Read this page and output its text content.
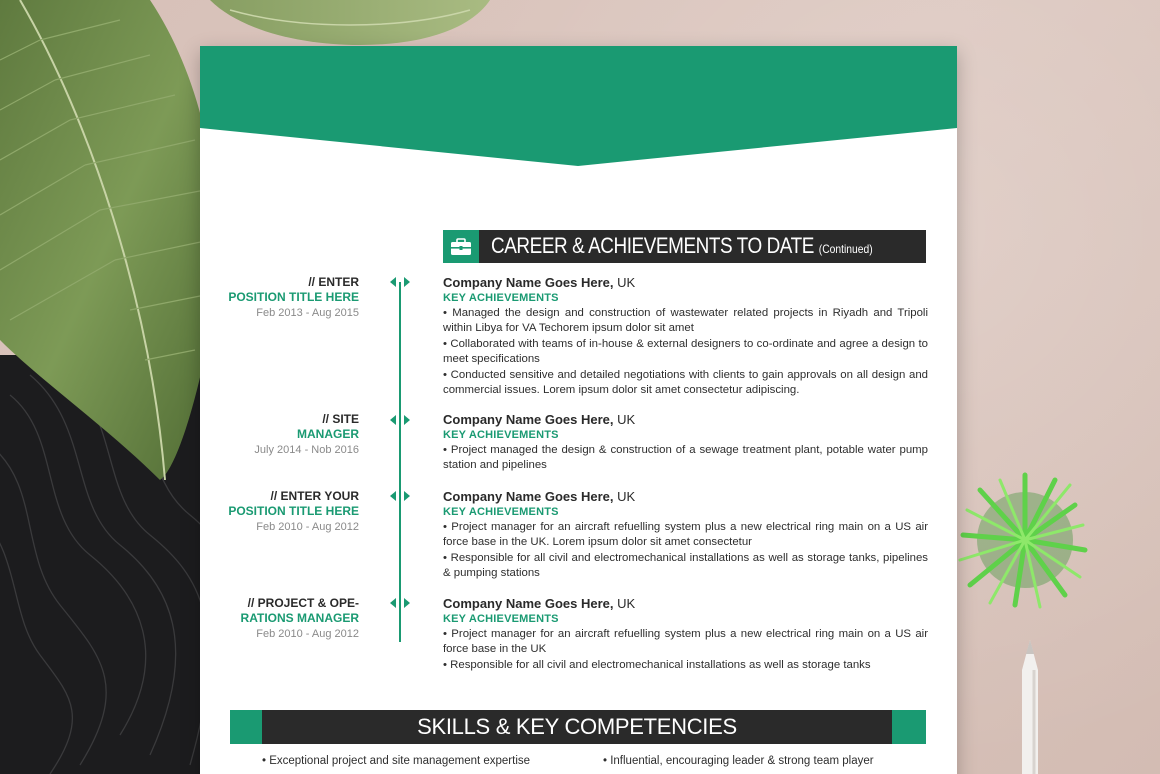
CAREER & ACHIEVEMENTS TO DATE (Continued)
// ENTER
POSITION TITLE HERE
Feb 2013 - Aug 2015
// SITE
MANAGER
July 2014 - Nob 2016
// ENTER YOUR
POSITION TITLE HERE
Feb 2010 - Aug 2012
// PROJECT & OPE-
RATIONS MANAGER
Feb 2010 - Aug 2012
Company Name Goes Here, UK
KEY ACHIEVEMENTS
• Managed the design and construction of wastewater related projects in Riyadh and Tripoli within Libya for VA Techorem ipsum dolor sit amet
• Collaborated with teams of in-house & external designers to co-ordinate and agree a design to meet specifications
• Conducted sensitive and detailed negotiations with clients to gain approvals on all design and commercial issues. Lorem ipsum dolor sit amet consectetur adipiscing.
Company Name Goes Here, UK
KEY ACHIEVEMENTS
• Project managed the design & construction of a sewage treatment plant, potable water pump station and pipelines
Company Name Goes Here, UK
KEY ACHIEVEMENTS
• Project manager for an aircraft refuelling system plus a new electrical ring main on a US air force base in the UK. Lorem ipsum dolor sit amet consectetur
• Responsible for all civil and electromechanical installations as well as storage tanks, pipelines & pumping stations
Company Name Goes Here, UK
KEY ACHIEVEMENTS
• Project manager for an aircraft refuelling system plus a new electrical ring main on a US air force base in the UK
• Responsible for all civil and electromechanical installations as well as storage tanks
SKILLS & KEY COMPETENCIES
• Exceptional project and site management expertise	• Influential, encouraging leader & strong team player
